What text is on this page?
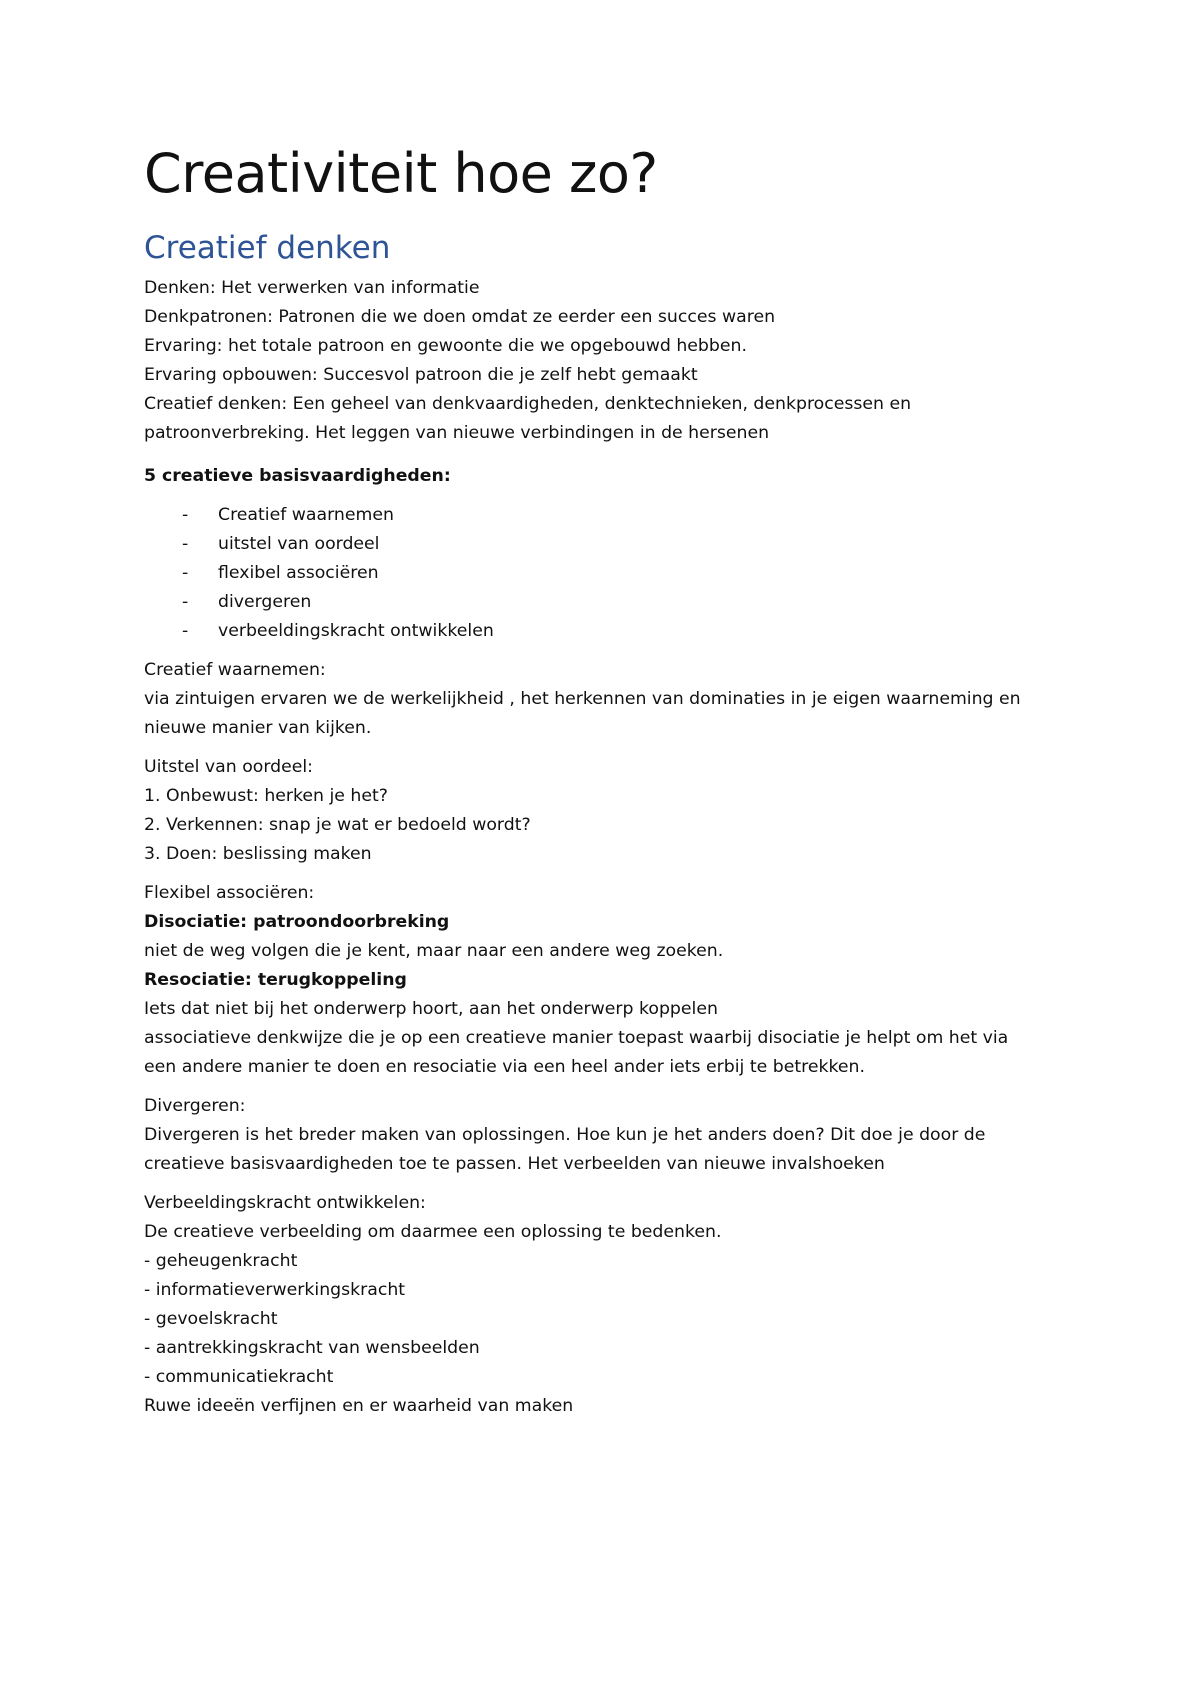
Creativiteit hoe zo?
Creatief denken

Denken: Het verwerken van informatie

Denkpatronen: Patronen die we doen omdat ze eerder een succes waren

Ervaring: het totale patroon en gewoonte die we opgebouwd hebben.

Ervaring opbouwen: Succesvol patroon die je zelf hebt gemaakt

Creatief denken: Een geheel van denkvaardigheden, denktechnieken, denkprocessen en

patroonverbreking. Het leggen van nieuwe verbindingen in de hersenen

5 creatieve basisvaardigheden:

- Creatief waarnemen
- uitstel van oordeel
- flexibel associëren
- divergeren
- verbeeldingskracht ontwikkelen

Creatief waarnemen:

via zintuigen ervaren we de werkelijkheid , het herkennen van dominaties in je eigen waarneming en

nieuwe manier van kijken.

Uitstel van oordeel:

1. Onbewust: herken je het?

2. Verkennen: snap je wat er bedoeld wordt?

3. Doen: beslissing maken

Flexibel associëren:

Disociatie: patroondoorbreking

niet de weg volgen die je kent, maar naar een andere weg zoeken.

Resociatie: terugkoppeling

Iets dat niet bij het onderwerp hoort, aan het onderwerp koppelen

associatieve denkwijze die je op een creatieve manier toepast waarbij disociatie je helpt om het via

een andere manier te doen en resociatie via een heel ander iets erbij te betrekken.

Divergeren:

Divergeren is het breder maken van oplossingen. Hoe kun je het anders doen? Dit doe je door de

creatieve basisvaardigheden toe te passen. Het verbeelden van nieuwe invalshoeken

Verbeeldingskracht ontwikkelen:

De creatieve verbeelding om daarmee een oplossing te bedenken.

- geheugenkracht

- informatieverwerkingskracht

- gevoelskracht

- aantrekkingskracht van wensbeelden

- communicatiekracht

Ruwe ideeën verfijnen en er waarheid van maken
